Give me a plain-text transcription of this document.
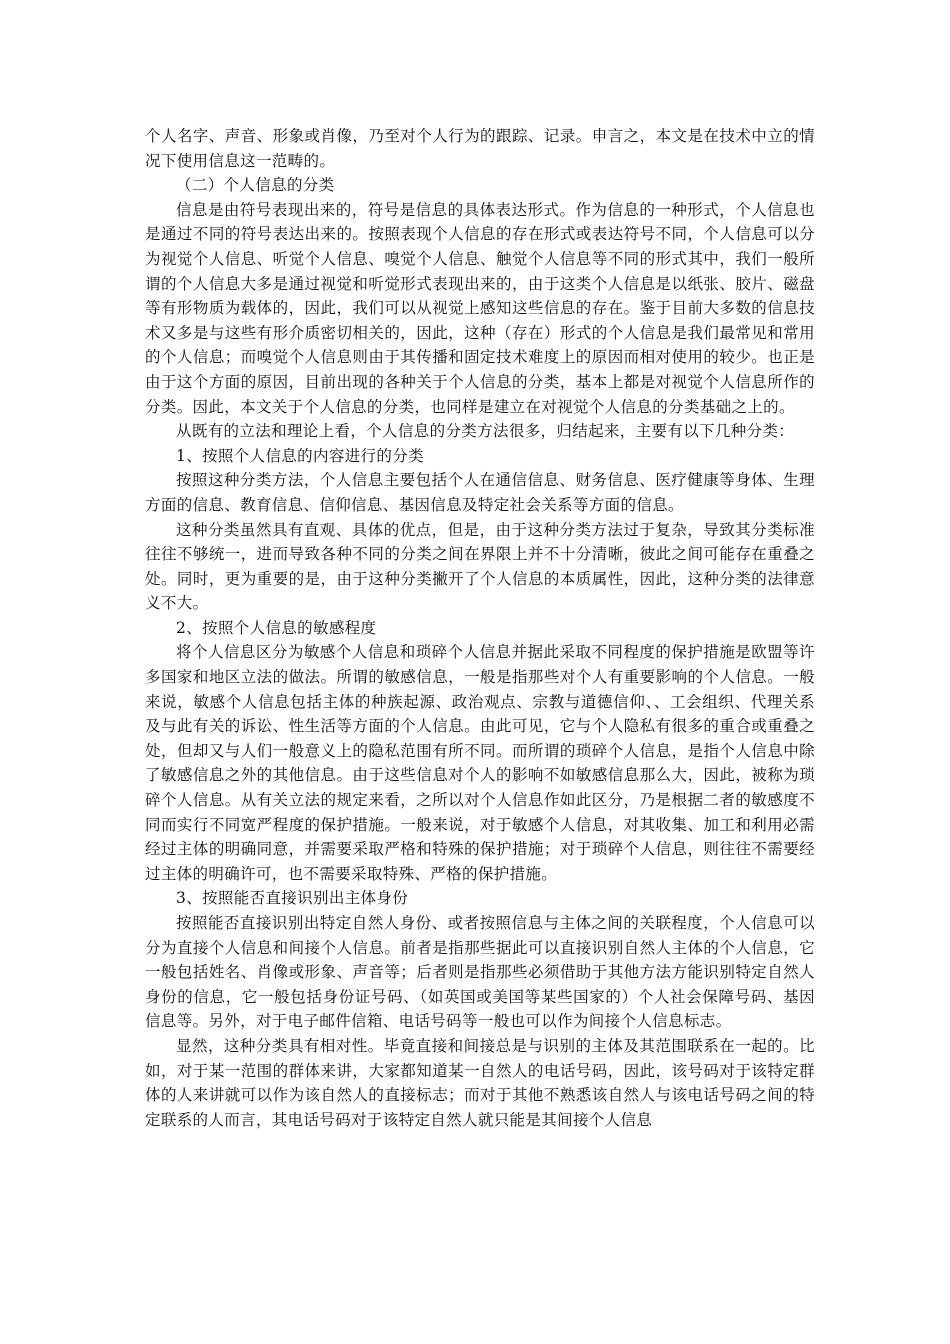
个人名字、声音、形象或肖像，乃至对个人行为的跟踪、记录。申言之，本文是在技术中立的情况下使用信息这一范畴的。

（二）个人信息的分类

信息是由符号表现出来的，符号是信息的具体表达形式。作为信息的一种形式，个人信息也是通过不同的符号表达出来的。按照表现个人信息的存在形式或表达符号不同，个人信息可以分为视觉个人信息、听觉个人信息、嗅觉个人信息、触觉个人信息等不同的形式其中，我们一般所谓的个人信息大多是通过视觉和听觉形式表现出来的，由于这类个人信息是以纸张、胶片、磁盘等有形物质为载体的，因此，我们可以从视觉上感知这些信息的存在。鉴于目前大多数的信息技术又多是与这些有形介质密切相关的，因此，这种（存在）形式的个人信息是我们最常见和常用的个人信息；而嗅觉个人信息则由于其传播和固定技术难度上的原因而相对使用的较少。也正是由于这个方面的原因，目前出现的各种关于个人信息的分类，基本上都是对视觉个人信息所作的分类。因此，本文关于个人信息的分类，也同样是建立在对视觉个人信息的分类基础之上的。

从既有的立法和理论上看，个人信息的分类方法很多，归结起来，主要有以下几种分类：

1、按照个人信息的内容进行的分类

按照这种分类方法，个人信息主要包括个人在通信信息、财务信息、医疗健康等身体、生理方面的信息、教育信息、信仰信息、基因信息及特定社会关系等方面的信息。

这种分类虽然具有直观、具体的优点，但是，由于这种分类方法过于复杂，导致其分类标准往往不够统一，进而导致各种不同的分类之间在界限上并不十分清晰，彼此之间可能存在重叠之处。同时，更为重要的是，由于这种分类撇开了个人信息的本质属性，因此，这种分类的法律意义不大。

2、按照个人信息的敏感程度

将个人信息区分为敏感个人信息和琐碎个人信息并据此采取不同程度的保护措施是欧盟等许多国家和地区立法的做法。所谓的敏感信息，一般是指那些对个人有重要影响的个人信息。一般来说，敏感个人信息包括主体的种族起源、政治观点、宗教与道德信仰、、工会组织、代理关系及与此有关的诉讼、性生活等方面的个人信息。由此可见，它与个人隐私有很多的重合或重叠之处，但却又与人们一般意义上的隐私范围有所不同。而所谓的琐碎个人信息，是指个人信息中除了敏感信息之外的其他信息。由于这些信息对个人的影响不如敏感信息那么大，因此，被称为琐碎个人信息。从有关立法的规定来看，之所以对个人信息作如此区分，乃是根据二者的敏感度不同而实行不同宽严程度的保护措施。一般来说，对于敏感个人信息，对其收集、加工和利用必需经过主体的明确同意，并需要采取严格和特殊的保护措施；对于琐碎个人信息，则往往不需要经过主体的明确许可，也不需要采取特殊、严格的保护措施。

3、按照能否直接识别出主体身份

按照能否直接识别出特定自然人身份、或者按照信息与主体之间的关联程度，个人信息可以分为直接个人信息和间接个人信息。前者是指那些据此可以直接识别自然人主体的个人信息，它一般包括姓名、肖像或形象、声音等；后者则是指那些必须借助于其他方法方能识别特定自然人身份的信息，它一般包括身份证号码、（如英国或美国等某些国家的）个人社会保障号码、基因信息等。另外，对于电子邮件信箱、电话号码等一般也可以作为间接个人信息标志。

显然，这种分类具有相对性。毕竟直接和间接总是与识别的主体及其范围联系在一起的。比如，对于某一范围的群体来讲，大家都知道某一自然人的电话号码，因此，该号码对于该特定群体的人来讲就可以作为该自然人的直接标志；而对于其他不熟悉该自然人与该电话号码之间的特定联系的人而言，其电话号码对于该特定自然人就只能是其间接个人信息
